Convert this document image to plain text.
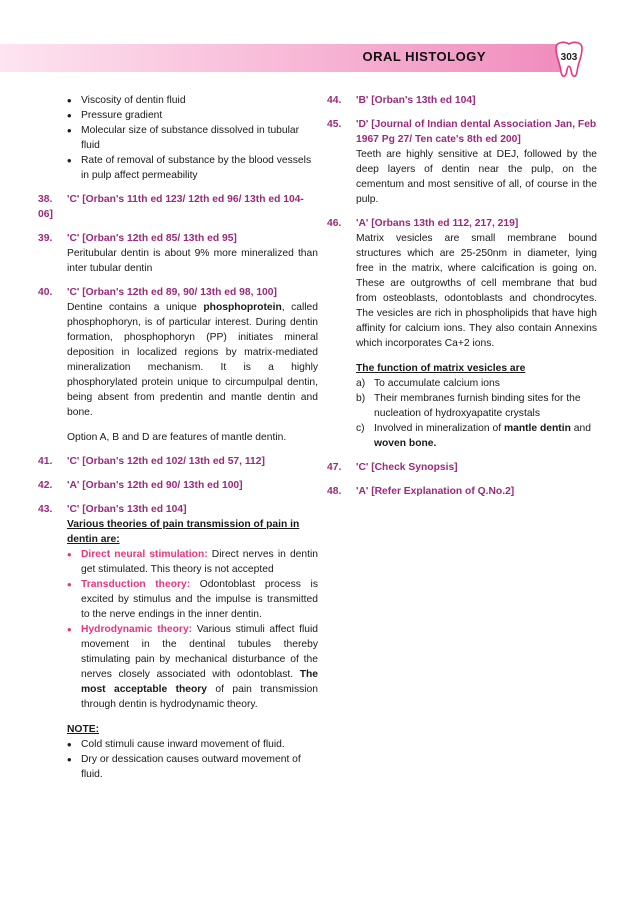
ORAL HISTOLOGY	303
• Viscosity of dentin fluid
• Pressure gradient
• Molecular size of substance dissolved in tubular fluid
• Rate of removal of substance by the blood vessels in pulp affect permeability
38. 'C' [Orban's 11th ed 123/ 12th ed 96/ 13th ed 104-06]
39. 'C' [Orban's 12th ed 85/ 13th ed 95]
Peritubular dentin is about 9% more mineralized than inter tubular dentin
40. 'C' [Orban's 12th ed 89, 90/ 13th ed 98, 100]
Dentine contains a unique phosphoprotein, called phosphophoryn, is of particular interest. During dentin formation, phosphophoryn (PP) initiates mineral deposition in localized regions by matrix-mediated mineralization mechanism. It is a highly phosphorylated protein unique to circumpulpal dentin, being absent from predentin and mantle dentin and bone.
Option A, B and D are features of mantle dentin.
41. 'C' [Orban's 12th ed 102/ 13th ed 57, 112]
42. 'A' [Orban's 12th ed 90/ 13th ed 100]
43. 'C' [Orban's 13th ed 104]
Various theories of pain transmission of pain in dentin are:
• Direct neural stimulation: Direct nerves in dentin get stimulated. This theory is not accepted
• Transduction theory: Odontoblast process is excited by stimulus and the impulse is transmitted to the nerve endings in the inner dentin.
• Hydrodynamic theory: Various stimuli affect fluid movement in the dentinal tubules thereby stimulating pain by mechanical disturbance of the nerves closely associated with odontoblast. The most acceptable theory of pain transmission through dentin is hydrodynamic theory.
NOTE:
• Cold stimuli cause inward movement of fluid.
• Dry or dessication causes outward movement of fluid.
44. 'B' [Orban's 13th ed 104]
45. 'D' [Journal of Indian dental Association Jan, Feb 1967 Pg 27/ Ten cate's 8th ed 200]
Teeth are highly sensitive at DEJ, followed by the deep layers of dentin near the pulp, on the cementum and most sensitive of all, of course in the pulp.
46. 'A' [Orbans 13th ed 112, 217, 219]
Matrix vesicles are small membrane bound structures which are 25-250nm in diameter, lying free in the matrix, where calcification is going on. These are outgrowths of cell membrane that bud from osteoblasts, odontoblasts and chondrocytes. The vesicles are rich in phospholipids that have high affinity for calcium ions. They also contain Annexins which incorporates Ca+2 ions.
The function of matrix vesicles are
a) To accumulate calcium ions
b) Their membranes furnish binding sites for the nucleation of hydroxyapatite crystals
c) Involved in mineralization of mantle dentin and woven bone.
47. 'C' [Check Synopsis]
48. 'A' [Refer Explanation of Q.No.2]
